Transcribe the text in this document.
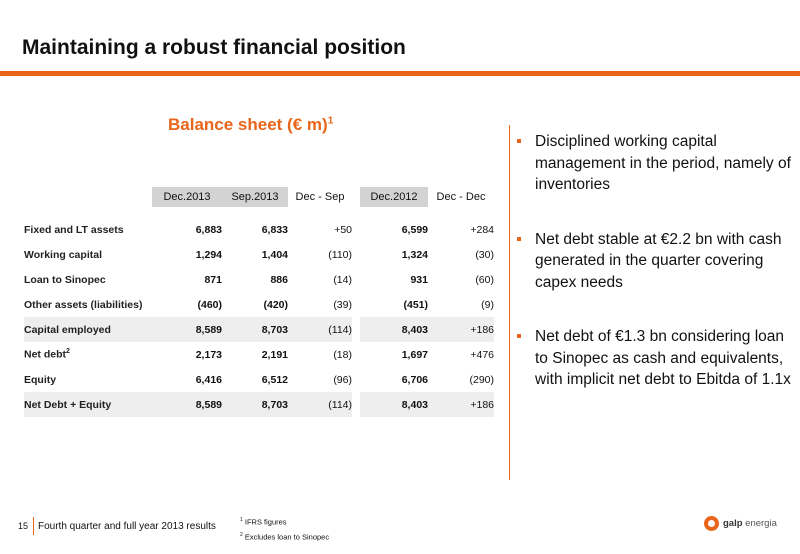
Maintaining a robust financial position
Balance sheet (€ m)$^1$
	Dec.2013	Sep.2013	Dec - Sep		Dec.2012	Dec - Dec

Fixed and LT assets	6,883	6,833	+50		6,599	+284
Working capital	1,294	1,404	(110)		1,324	(30)
Loan to Sinopec	871	886	(14)		931	(60)
Other assets (liabilities)	(460)	(420)	(39)		(451)	(9)
Capital employed	8,589	8,703	(114)		8,403	+186
Net debt$^2$	2,173	2,191	(18)		1,697	+476
Equity	6,416	6,512	(96)		6,706	(290)
Net Debt + Equity	8,589	8,703	(114)		8,403	+186
Disciplined working capital management in the period, namely of inventories
Net debt stable at €2.2 bn with cash generated in the quarter covering capex needs
Net debt of €1.3 bn considering loan to Sinopec as cash and equivalents, with implicit net debt to Ebitda of 1.1x
15 Fourth quarter and full year 2013 results
$^1$ IFRS figures
$^2$ Excludes loan to Sinopec
galp energia
